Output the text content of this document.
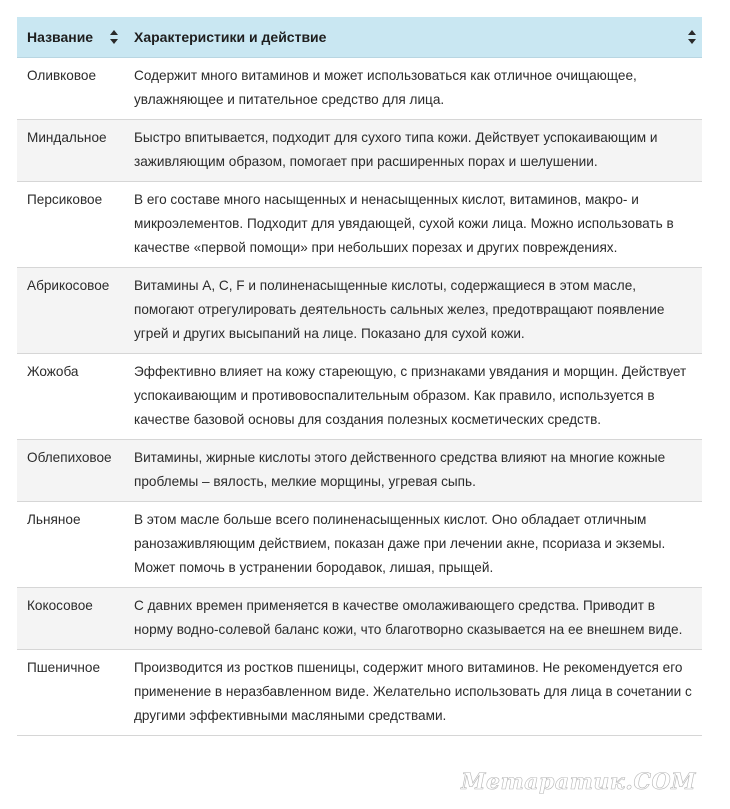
Название	Характеристики и действие

Оливковое	Содержит много витаминов и может использоваться как отличное очищающее, увлажняющее и питательное средство для лица.
Миндальное	Быстро впитывается, подходит для сухого типа кожи. Действует успокаивающим и заживляющим образом, помогает при расширенных порах и шелушении.
Персиковое	В его составе много насыщенных и ненасыщенных кислот, витаминов, макро- и микроэлементов. Подходит для увядающей, сухой кожи лица. Можно использовать в качестве «первой помощи» при небольших порезах и других повреждениях.
Абрикосовое	Витамины А, С, F и полиненасыщенные кислоты, содержащиеся в этом масле, помогают отрегулировать деятельность сальных желез, предотвращают появление угрей и других высыпаний на лице. Показано для сухой кожи.
Жожоба	Эффективно влияет на кожу стареющую, с признаками увядания и морщин. Действует успокаивающим и противовоспалительным образом. Как правило, используется в качестве базовой основы для создания полезных косметических средств.
Облепиховое	Витамины, жирные кислоты этого действенного средства влияют на многие кожные проблемы – вялость, мелкие морщины, угревая сыпь.
Льняное	В этом масле больше всего полиненасыщенных кислот. Оно обладает отличным ранозаживляющим действием, показан даже при лечении акне, псориаза и экземы. Может помочь в устранении бородавок, лишая, прыщей.
Кокосовое	С давних времен применяется в качестве омолаживающего средства. Приводит в норму водно-солевой баланс кожи, что благотворно сказывается на ее внешнем виде.
Пшеничное	Производится из ростков пшеницы, содержит много витаминов. Не рекомендуется его применение в неразбавленном виде. Желательно использовать для лица в сочетании с другими эффективными масляными средствами.
Метаратик.СОМ
